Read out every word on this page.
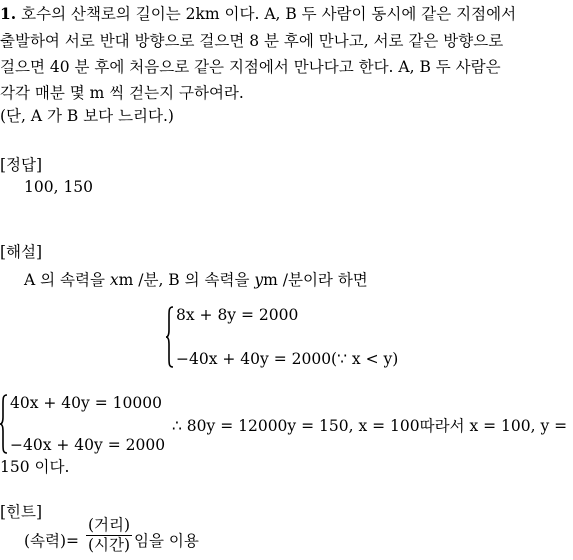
1. 호수의 산책로의 길이는 2km 이다. A, B 두 사람이 동시에 같은 지점에서
출발하여 서로 반대 방향으로 걸으면 8 분 후에 만나고, 서로 같은 방향으로
걸으면 40 분 후에 처음으로 같은 지점에서 만나다고 한다. A, B 두 사람은
각각 매분 몇 m 씩 걷는지 구하여라.
(단, A 가 B 보다 느리다.)
[정답]
100, 150
[해설]
A 의 속력을 xm /분, B 의 속력을 ym /분이라 하면
8x + 8y = 2000
−40x + 40y = 2000(∵ x < y)
40x + 40y = 10000
−40x + 40y = 2000
∴ 80y = 12000y = 150, x = 100따라서 x = 100, y =
150 이다.
[힌트]
(속력)=
(거리)
(시간) 임을 이용
